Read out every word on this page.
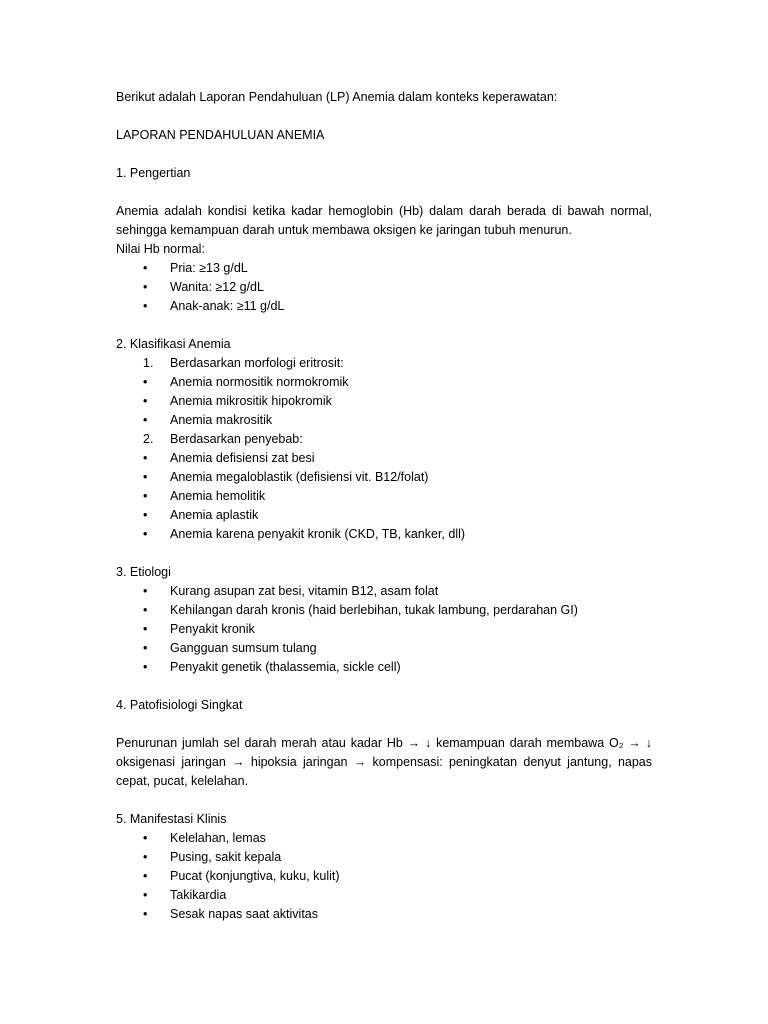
Berikut adalah Laporan Pendahuluan (LP) Anemia dalam konteks keperawatan:
LAPORAN PENDAHULUAN ANEMIA
1. Pengertian
Anemia adalah kondisi ketika kadar hemoglobin (Hb) dalam darah berada di bawah normal, sehingga kemampuan darah untuk membawa oksigen ke jaringan tubuh menurun.
Nilai Hb normal:
•	Pria: ≥13 g/dL
•	Wanita: ≥12 g/dL
•	Anak-anak: ≥11 g/dL
2. Klasifikasi Anemia
1. Berdasarkan morfologi eritrosit:
•	Anemia normositik normokromik
•	Anemia mikrositik hipokromik
•	Anemia makrositik
2. Berdasarkan penyebab:
•	Anemia defisiensi zat besi
•	Anemia megaloblastik (defisiensi vit. B12/folat)
•	Anemia hemolitik
•	Anemia aplastik
•	Anemia karena penyakit kronik (CKD, TB, kanker, dll)
3. Etiologi
•	Kurang asupan zat besi, vitamin B12, asam folat
•	Kehilangan darah kronis (haid berlebihan, tukak lambung, perdarahan GI)
•	Penyakit kronik
•	Gangguan sumsum tulang
•	Penyakit genetik (thalassemia, sickle cell)
4. Patofisiologi Singkat
Penurunan jumlah sel darah merah atau kadar Hb → ↓ kemampuan darah membawa O₂ → ↓ oksigenasi jaringan → hipoksia jaringan → kompensasi: peningkatan denyut jantung, napas cepat, pucat, kelelahan.
5. Manifestasi Klinis
•	Kelelahan, lemas
•	Pusing, sakit kepala
•	Pucat (konjungtiva, kuku, kulit)
•	Takikardia
•	Sesak napas saat aktivitas
